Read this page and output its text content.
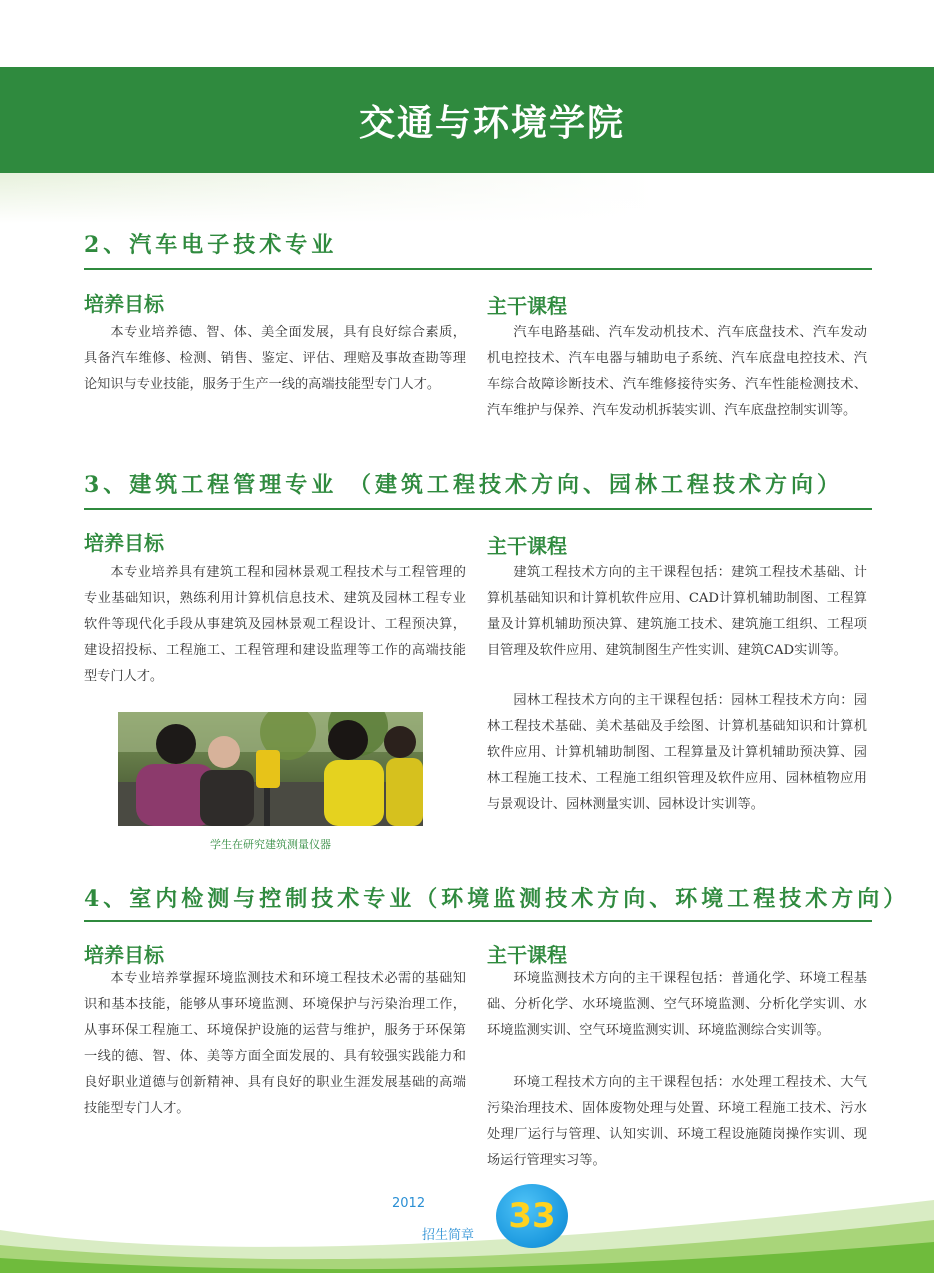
交通与环境学院
2、汽车电子技术专业
培养目标
本专业培养德、智、体、美全面发展，具有良好综合素质，具备汽车维修、检测、销售、鉴定、评估、理赔及事故查勘等理论知识与专业技能，服务于生产一线的高端技能型专门人才。
主干课程
汽车电路基础、汽车发动机技术、汽车底盘技术、汽车发动机电控技术、汽车电器与辅助电子系统、汽车底盘电控技术、汽车综合故障诊断技术、汽车维修接待实务、汽车性能检测技术、汽车维护与保养、汽车发动机拆装实训、汽车底盘控制实训等。
3、建筑工程管理专业 （建筑工程技术方向、园林工程技术方向）
培养目标
本专业培养具有建筑工程和园林景观工程技术与工程管理的专业基础知识，熟练利用计算机信息技术、建筑及园林工程专业软件等现代化手段从事建筑及园林景观工程设计、工程预决算，建设招投标、工程施工、工程管理和建设监理等工作的高端技能型专门人才。
学生在研究建筑测量仪器
主干课程
建筑工程技术方向的主干课程包括：建筑工程技术基础、计算机基础知识和计算机软件应用、CAD计算机辅助制图、工程算量及计算机辅助预决算、建筑施工技术、建筑施工组织、工程项目管理及软件应用、建筑制图生产性实训、建筑CAD实训等。
园林工程技术方向的主干课程包括：园林工程技术方向：园林工程技术基础、美术基础及手绘图、计算机基础知识和计算机软件应用、计算机辅助制图、工程算量及计算机辅助预决算、园林工程施工技术、工程施工组织管理及软件应用、园林植物应用与景观设计、园林测量实训、园林设计实训等。
4、室内检测与控制技术专业（环境监测技术方向、环境工程技术方向）
培养目标
本专业培养掌握环境监测技术和环境工程技术必需的基础知识和基本技能，能够从事环境监测、环境保护与污染治理工作，从事环保工程施工、环境保护设施的运营与维护，服务于环保第一线的德、智、体、美等方面全面发展的、具有较强实践能力和良好职业道德与创新精神、具有良好的职业生涯发展基础的高端技能型专门人才。
主干课程
环境监测技术方向的主干课程包括：普通化学、环境工程基础、分析化学、水环境监测、空气环境监测、分析化学实训、水环境监测实训、空气环境监测实训、环境监测综合实训等。
环境工程技术方向的主干课程包括：水处理工程技术、大气污染治理技术、固体废物处理与处置、环境工程施工技术、污水处理厂运行与管理、认知实训、环境工程设施随岗操作实训、现场运行管理实习等。
2012
招生简章 33
